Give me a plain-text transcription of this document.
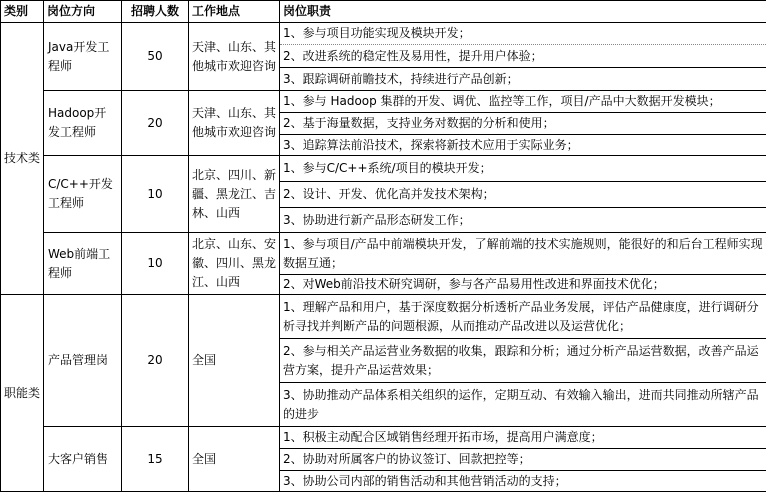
类别	岗位方向	招聘人数	工作地点	岗位职责
技术类	Java开发工程师	50	天津、山东、其他城市欢迎咨询	1、参与项目功能实现及模块开发；
				2、改进系统的稳定性及易用性，提升用户体验；
				3、跟踪调研前瞻技术，持续进行产品创新；
	Hadoop开发工程师	20	天津、山东、其他城市欢迎咨询	1、参与 Hadoop 集群的开发、调优、监控等工作，项目/产品中大数据开发模块；
				2、基于海量数据，支持业务对数据的分析和使用；
				3、追踪算法前沿技术，探索将新技术应用于实际业务；
	C/C++开发工程师	10	北京、四川、新疆、黑龙江、吉林、山西	1、参与C/C++系统/项目的模块开发；
				2、设计、开发、优化高并发技术架构；
				3、协助进行新产品形态研发工作；
	Web前端工程师	10	北京、山东、安徽、四川、黑龙江、山西	1、参与项目/产品中前端模块开发，了解前端的技术实施规则，能很好的和后台工程师实现数据互通；
				2、对Web前沿技术研究调研，参与各产品易用性改进和界面技术优化；
职能类	产品管理岗	20	全国	1、理解产品和用户，基于深度数据分析透析产品业务发展，评估产品健康度，进行调研分析寻找并判断产品的问题根源，从而推动产品改进以及运营优化；
				2、参与相关产品运营业务数据的收集，跟踪和分析；通过分析产品运营数据，改善产品运营方案，提升产品运营效果；
				3、协助推动产品体系相关组织的运作，定期互动、有效输入输出，进而共同推动所辖产品的进步
	大客户销售	15	全国	1、积极主动配合区域销售经理开拓市场，提高用户满意度；
				2、协助对所属客户的协议签订、回款把控等；
				3、协助公司内部的销售活动和其他营销活动的支持；
